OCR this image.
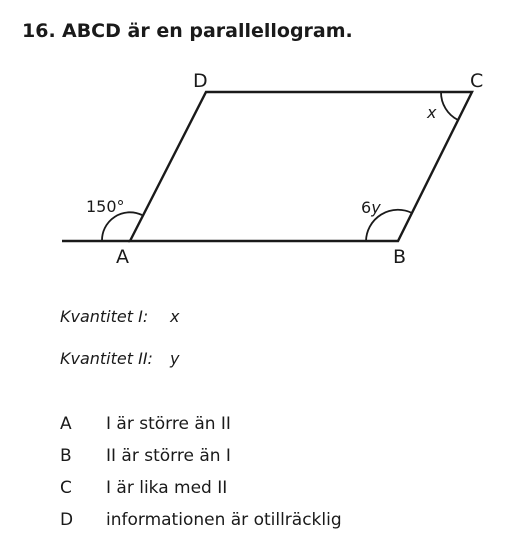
16. ABCD är en parallellogram.
D	C
A	B
150°	6y
x
Kvantitet I: x
Kvantitet II: y
A I är större än II
B II är större än I
C I är lika med II
D informationen är otillräcklig
